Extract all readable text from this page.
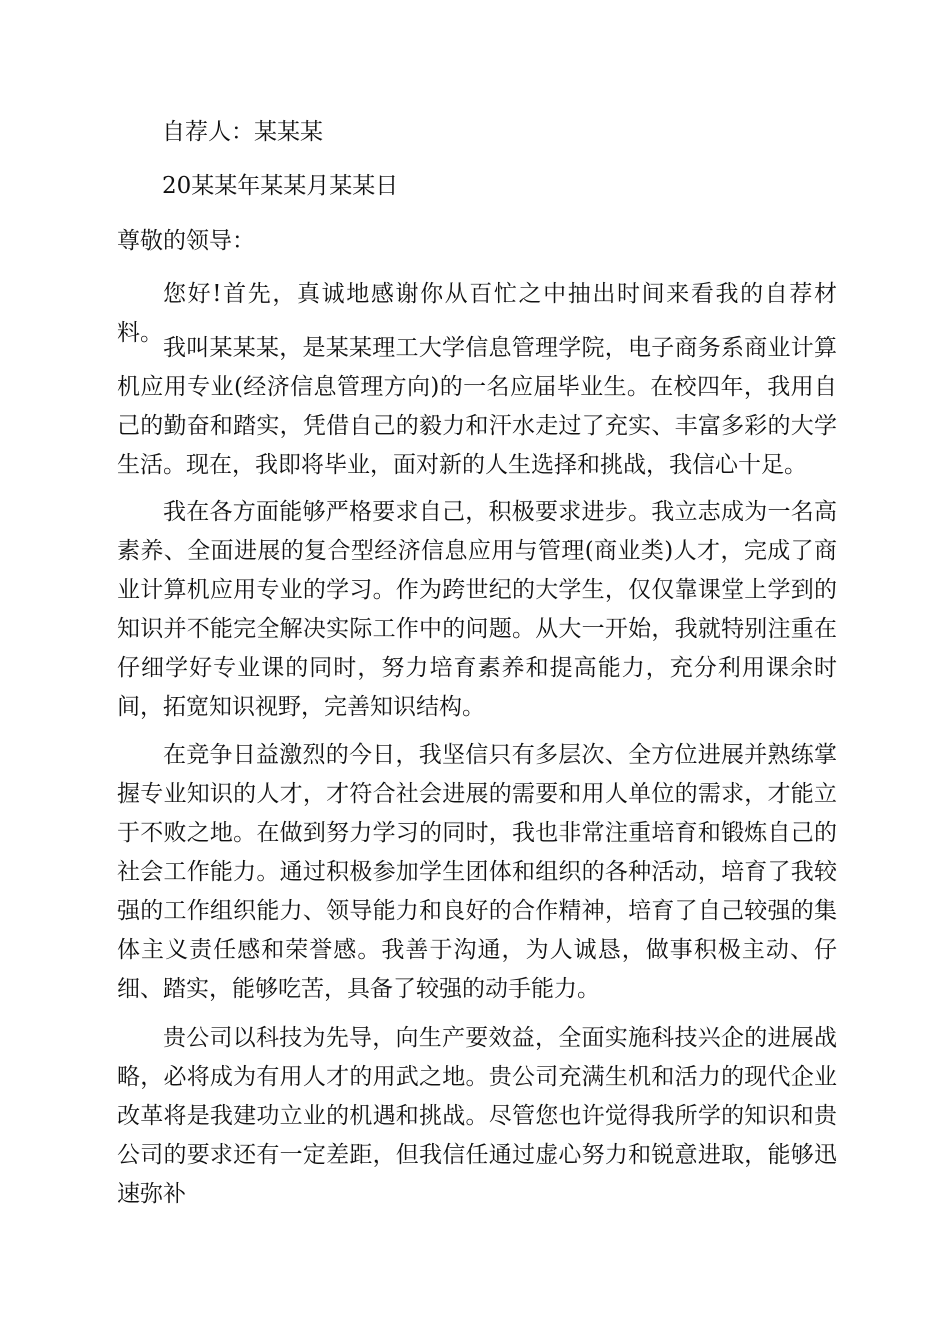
自荐人：某某某
20某某年某某月某某日
尊敬的领导：
您好!首先，真诚地感谢你从百忙之中抽出时间来看我的自荐材料。
我叫某某某，是某某理工大学信息管理学院，电子商务系商业计算机应用专业(经济信息管理方向)的一名应届毕业生。在校四年，我用自己的勤奋和踏实，凭借自己的毅力和汗水走过了充实、丰富多彩的大学生活。现在，我即将毕业，面对新的人生选择和挑战，我信心十足。
我在各方面能够严格要求自己，积极要求进步。我立志成为一名高素养、全面进展的复合型经济信息应用与管理(商业类)人才，完成了商业计算机应用专业的学习。作为跨世纪的大学生，仅仅靠课堂上学到的知识并不能完全解决实际工作中的问题。从大一开始，我就特别注重在仔细学好专业课的同时，努力培育素养和提高能力，充分利用课余时间，拓宽知识视野，完善知识结构。
在竞争日益激烈的今日，我坚信只有多层次、全方位进展并熟练掌握专业知识的人才，才符合社会进展的需要和用人单位的需求，才能立于不败之地。在做到努力学习的同时，我也非常注重培育和锻炼自己的社会工作能力。通过积极参加学生团体和组织的各种活动，培育了我较强的工作组织能力、领导能力和良好的合作精神，培育了自己较强的集体主义责任感和荣誉感。我善于沟通，为人诚恳，做事积极主动、仔细、踏实，能够吃苦，具备了较强的动手能力。
贵公司以科技为先导，向生产要效益，全面实施科技兴企的进展战略，必将成为有用人才的用武之地。贵公司充满生机和活力的现代企业改革将是我建功立业的机遇和挑战。尽管您也许觉得我所学的知识和贵公司的要求还有一定差距，但我信任通过虚心努力和锐意进取，能够迅速弥补
